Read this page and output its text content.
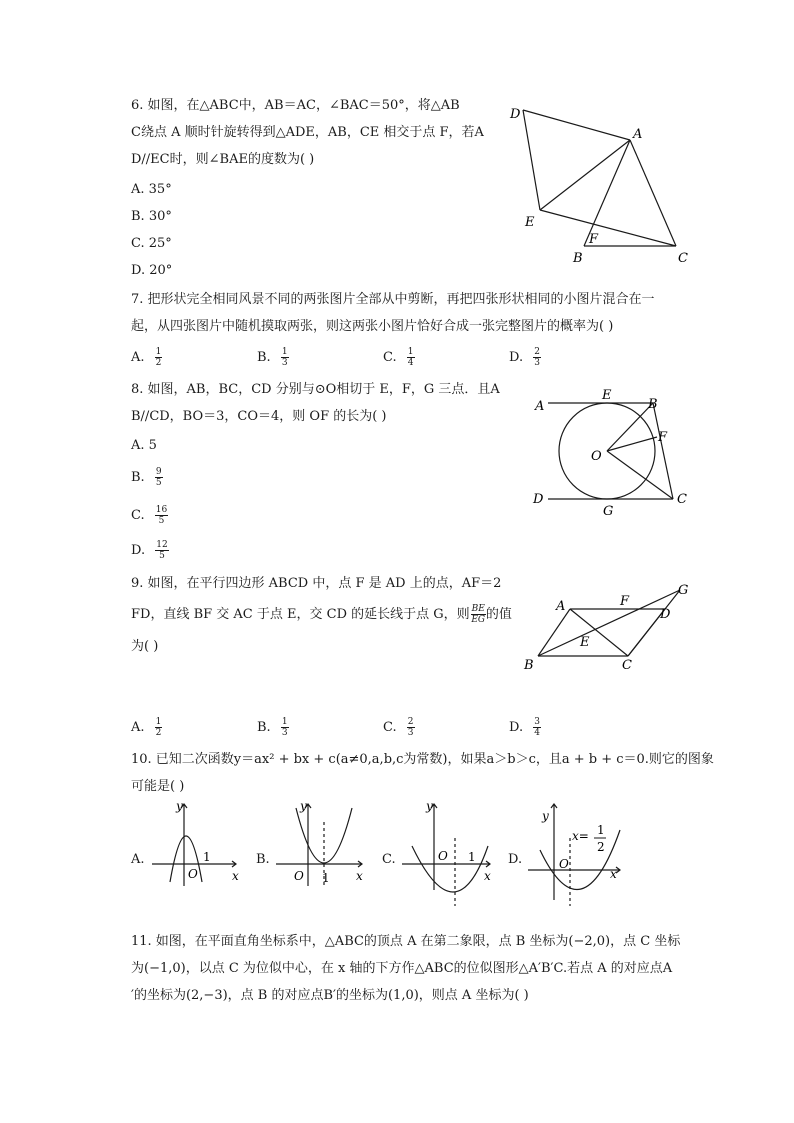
6. 如图，在△ABC中，AB＝AC，∠BAC＝50°，将△AB
C绕点 A 顺时针旋转得到△ADE，AB，CE 相交于点 F，若A
D//EC时，则∠BAE的度数为( )
A. 35°
B. 30°
C. 25°
D. 20°
D
A
E
F
B	C
7. 把形状完全相同风景不同的两张图片全部从中剪断，再把四张形状相同的小图片混合在一
起，从四张图片中随机摸取两张，则这两张小图片恰好合成一张完整图片的概率为( )
A. $\frac{1}{2}$	B. $\frac{1}{3}$	C. $\frac{1}{4}$	D. $\frac{2}{3}$
8. 如图，AB，BC，CD 分别与⊙O相切于 E，F，G 三点．且A
B//CD，BO＝3，CO＝4，则 OF 的长为( )
A. 5
B. $\frac{9}{5}$
C. $\frac{16}{5}$
D. $\frac{12}{5}$
A
E
B
F
O
D
G
C
9. 如图，在平行四边形 ABCD 中，点 F 是 AD 上的点，AF＝2
FD，直线 BF 交 AC 于点 E，交 CD 的延长线于点 G，则 $\frac{BE}{EG}$ 的值
为( )
A. $\frac{1}{2}$	B. $\frac{1}{3}$	C. $\frac{2}{3}$	D. $\frac{3}{4}$
A	F
G
D
E
B	C
10. 已知二次函数y＝ax² + bx + c(a≠0,a,b,c为常数)，如果a＞b＞c，且a + b + c＝0.则它的图象
可能是( )
A.
y
x
O
1	B.
y
x
O 1
C.
y
x
O 1 D.
y
x
O
x= 1
2
11. 如图，在平面直角坐标系中，△ABC的顶点 A 在第二象限，点 B 坐标为(−2,0)，点 C 坐标
为(−1,0)，以点 C 为位似中心，在 x 轴的下方作△ABC的位似图形△A′B′C.若点 A 的对应点A
′的坐标为(2,−3)，点 B 的对应点B′的坐标为(1,0)，则点 A 坐标为( )
